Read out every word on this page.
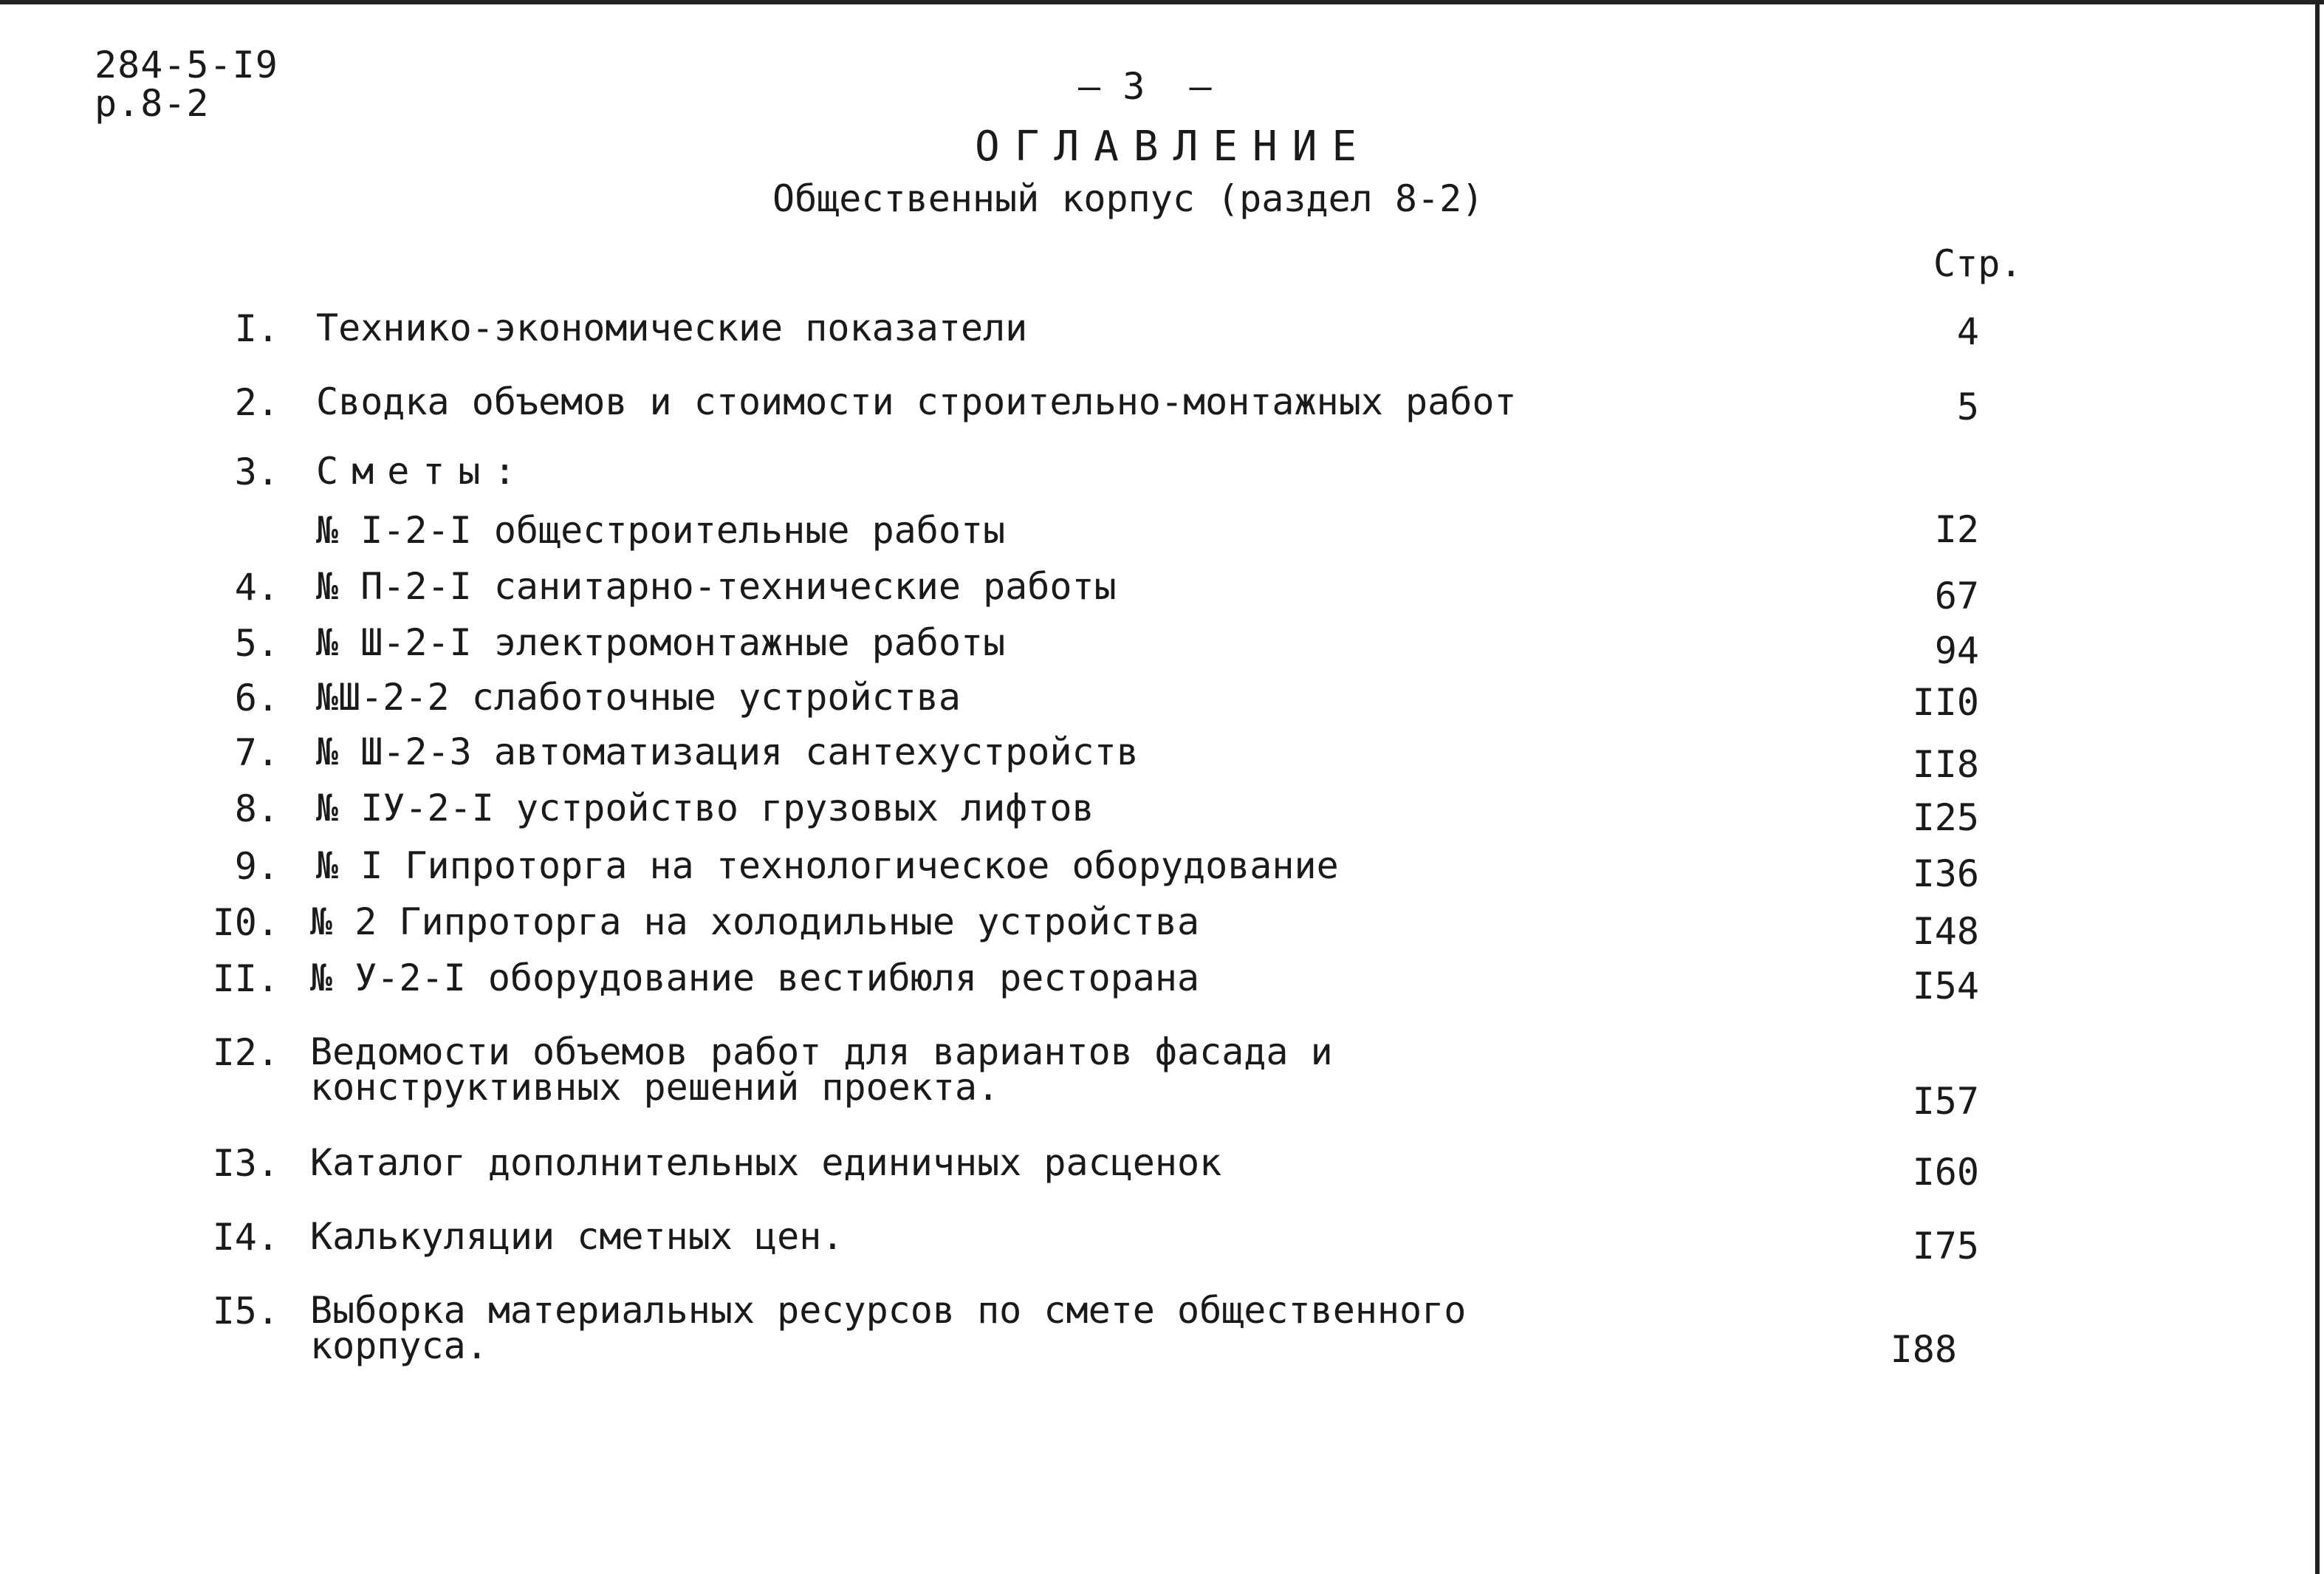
284-5-I9
р.8-2	— 3  —
ОГЛАВЛЕНИЕ
Общественный корпус (раздел 8-2)
Стр.
I. Технико-экономические показатели	4
2. Сводка объемов и стоимости строительно-монтажных работ	5
3. Сметы:
№ I-2-I общестроительные работы	I2
4. № П-2-I санитарно-технические работы	67
5. № Ш-2-I электромонтажные работы	94
6. №Ш-2-2 слаботочные устройства	II0
7. № Ш-2-3 автоматизация сантехустройств	II8
8. № IУ-2-I устройство грузовых лифтов	I25
9. № I Гипроторга на технологическое оборудование	I36
I0. № 2 Гипроторга на холодильные устройства	I48
II. № У-2-I оборудование вестибюля ресторана	I54
I2. Ведомости объемов работ для вариантов фасада и
конструктивных решений проекта.	I57
I3. Каталог дополнительных единичных расценок	I60
I4. Калькуляции сметных цен.	I75
I5. Выборка материальных ресурсов по смете общественного
корпуса.	I88
